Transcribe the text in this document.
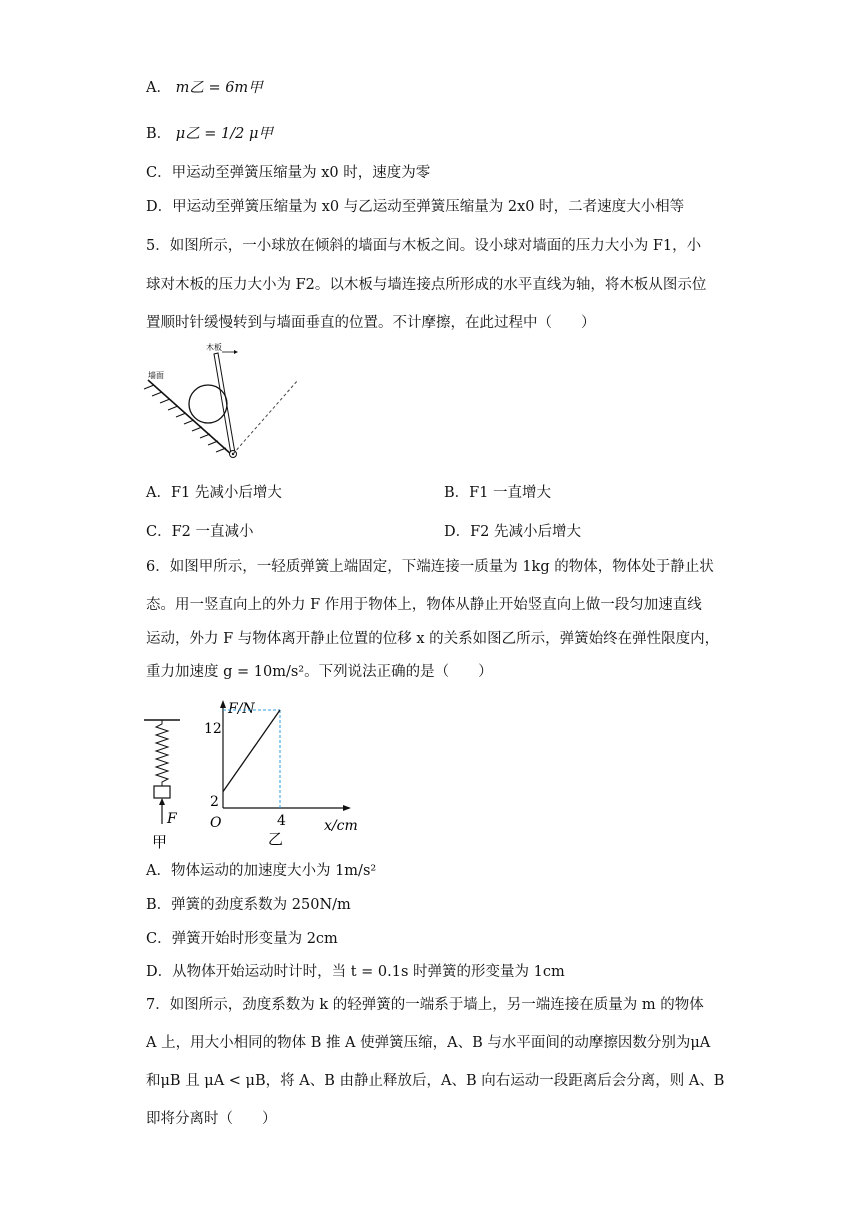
A． m乙 = 6m甲
B． μ乙 = 1/2 μ甲
C．甲运动至弹簧压缩量为 x0 时，速度为零
D．甲运动至弹簧压缩量为 x0 与乙运动至弹簧压缩量为 2x0 时，二者速度大小相等
5．如图所示，一小球放在倾斜的墙面与木板之间。设小球对墙面的压力大小为 F1，小
球对木板的压力大小为 F2。以木板与墙连接点所形成的水平直线为轴，将木板从图示位
置顺时针缓慢转到与墙面垂直的位置。不计摩擦，在此过程中（　　）
墙面
木板
A．F1 先减小后增大	B．F1 一直增大
C．F2 一直减小	D．F2 先减小后增大
6．如图甲所示，一轻质弹簧上端固定，下端连接一质量为 1kg 的物体，物体处于静止状
态。用一竖直向上的外力 F 作用于物体上，物体从静止开始竖直向上做一段匀加速直线
运动，外力 F 与物体离开静止位置的位移 x 的关系如图乙所示，弹簧始终在弹性限度内，
重力加速度 g = 10m/s²。下列说法正确的是（　　）
F
甲
F/N
x/cm
O
12
2
4
乙
A．物体运动的加速度大小为 1m/s²
B．弹簧的劲度系数为 250N/m
C．弹簧开始时形变量为 2cm
D．从物体开始运动时计时，当 t = 0.1s 时弹簧的形变量为 1cm
7．如图所示，劲度系数为 k 的轻弹簧的一端系于墙上，另一端连接在质量为 m 的物体
A 上，用大小相同的物体 B 推 A 使弹簧压缩，A、B 与水平面间的动摩擦因数分别为μA
和μB 且 μA < μB，将 A、B 由静止释放后，A、B 向右运动一段距离后会分离，则 A、B
即将分离时（　　）
